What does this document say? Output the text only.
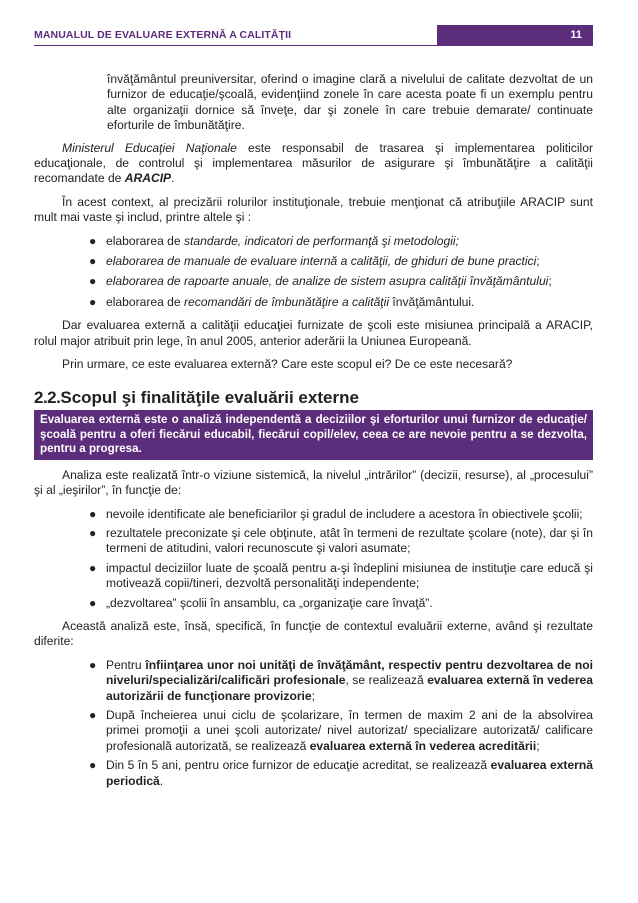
MANUALUL DE EVALUARE EXTERNĂ A CALITĂŢII	11
învăţământul preuniversitar, oferind o imagine clară a nivelului de calitate dezvoltat de un furnizor de educaţie/şcoală, evidenţiind zonele în care acesta poate fi un exemplu pentru alte organizaţii dornice să înveţe, dar şi zonele în care trebuie demarate/ continuate eforturile de îmbunătăţire.

Ministerul Educaţiei Naţionale este responsabil de trasarea şi implementarea politicilor educaţionale, de controlul şi implementarea măsurilor de asigurare şi îmbunătăţire a calităţii recomandate de ARACIP.

În acest context, al precizării rolurilor instituţionale, trebuie menţionat că atribuţiile ARACIP sunt mult mai vaste şi includ, printre altele şi :

● elaborarea de standarde, indicatori de performanţă şi metodologii;
● elaborarea de manuale de evaluare internă a calităţii, de ghiduri de bune practici;
● elaborarea de rapoarte anuale, de analize de sistem asupra calităţii învăţământului;
● elaborarea de recomandări de îmbunătăţire a calităţii învăţământului.

Dar evaluarea externă a calităţii educaţiei furnizate de şcoli este misiunea principală a ARACIP, rolul major atribuit prin lege, în anul 2005, anterior aderării la Uniunea Europeană.

Prin urmare, ce este evaluarea externă? Care este scopul ei? De ce este necesară?

2.2.Scopul şi finalităţile evaluării externe
Evaluarea externă este o analiză independentă a deciziilor şi eforturilor unui furnizor de educaţie/ şcoală pentru a oferi fiecărui educabil, fiecărui copil/elev, ceea ce are nevoie pentru a se dezvolta, pentru a progresa.

Analiza este realizată într-o viziune sistemică, la nivelul „intrărilor” (decizii, resurse), al „procesului” şi al „ieşirilor”, în funcţie de:

● nevoile identificate ale beneficiarilor şi gradul de includere a acestora în obiectivele şcolii;
● rezultatele preconizate şi cele obţinute, atât în termeni de rezultate şcolare (note), dar şi în termeni de atitudini, valori recunoscute şi valori asumate;
● impactul deciziilor luate de şcoală pentru a-şi îndeplini misiunea de instituţie care educă şi motivează copii/tineri, dezvoltă personalităţi independente;
● „dezvoltarea” şcolii în ansamblu, ca „organizaţie care învaţă”.

Această analiză este, însă, specifică, în funcţie de contextul evaluării externe, având şi rezultate diferite:

● Pentru înfiinţarea unor noi unităţi de învăţământ, respectiv pentru dezvoltarea de noi niveluri/specializări/calificări profesionale, se realizează evaluarea externă în vederea autorizării de funcţionare provizorie;
● După încheierea unui ciclu de şcolarizare, în termen de maxim 2 ani de la absolvirea primei promoţii a unei şcoli autorizate/ nivel autorizat/ specializare autorizată/ calificare profesională autorizată, se realizează evaluarea externă în vederea acreditării;
● Din 5 în 5 ani, pentru orice furnizor de educaţie acreditat, se realizează evaluarea externă periodică.
